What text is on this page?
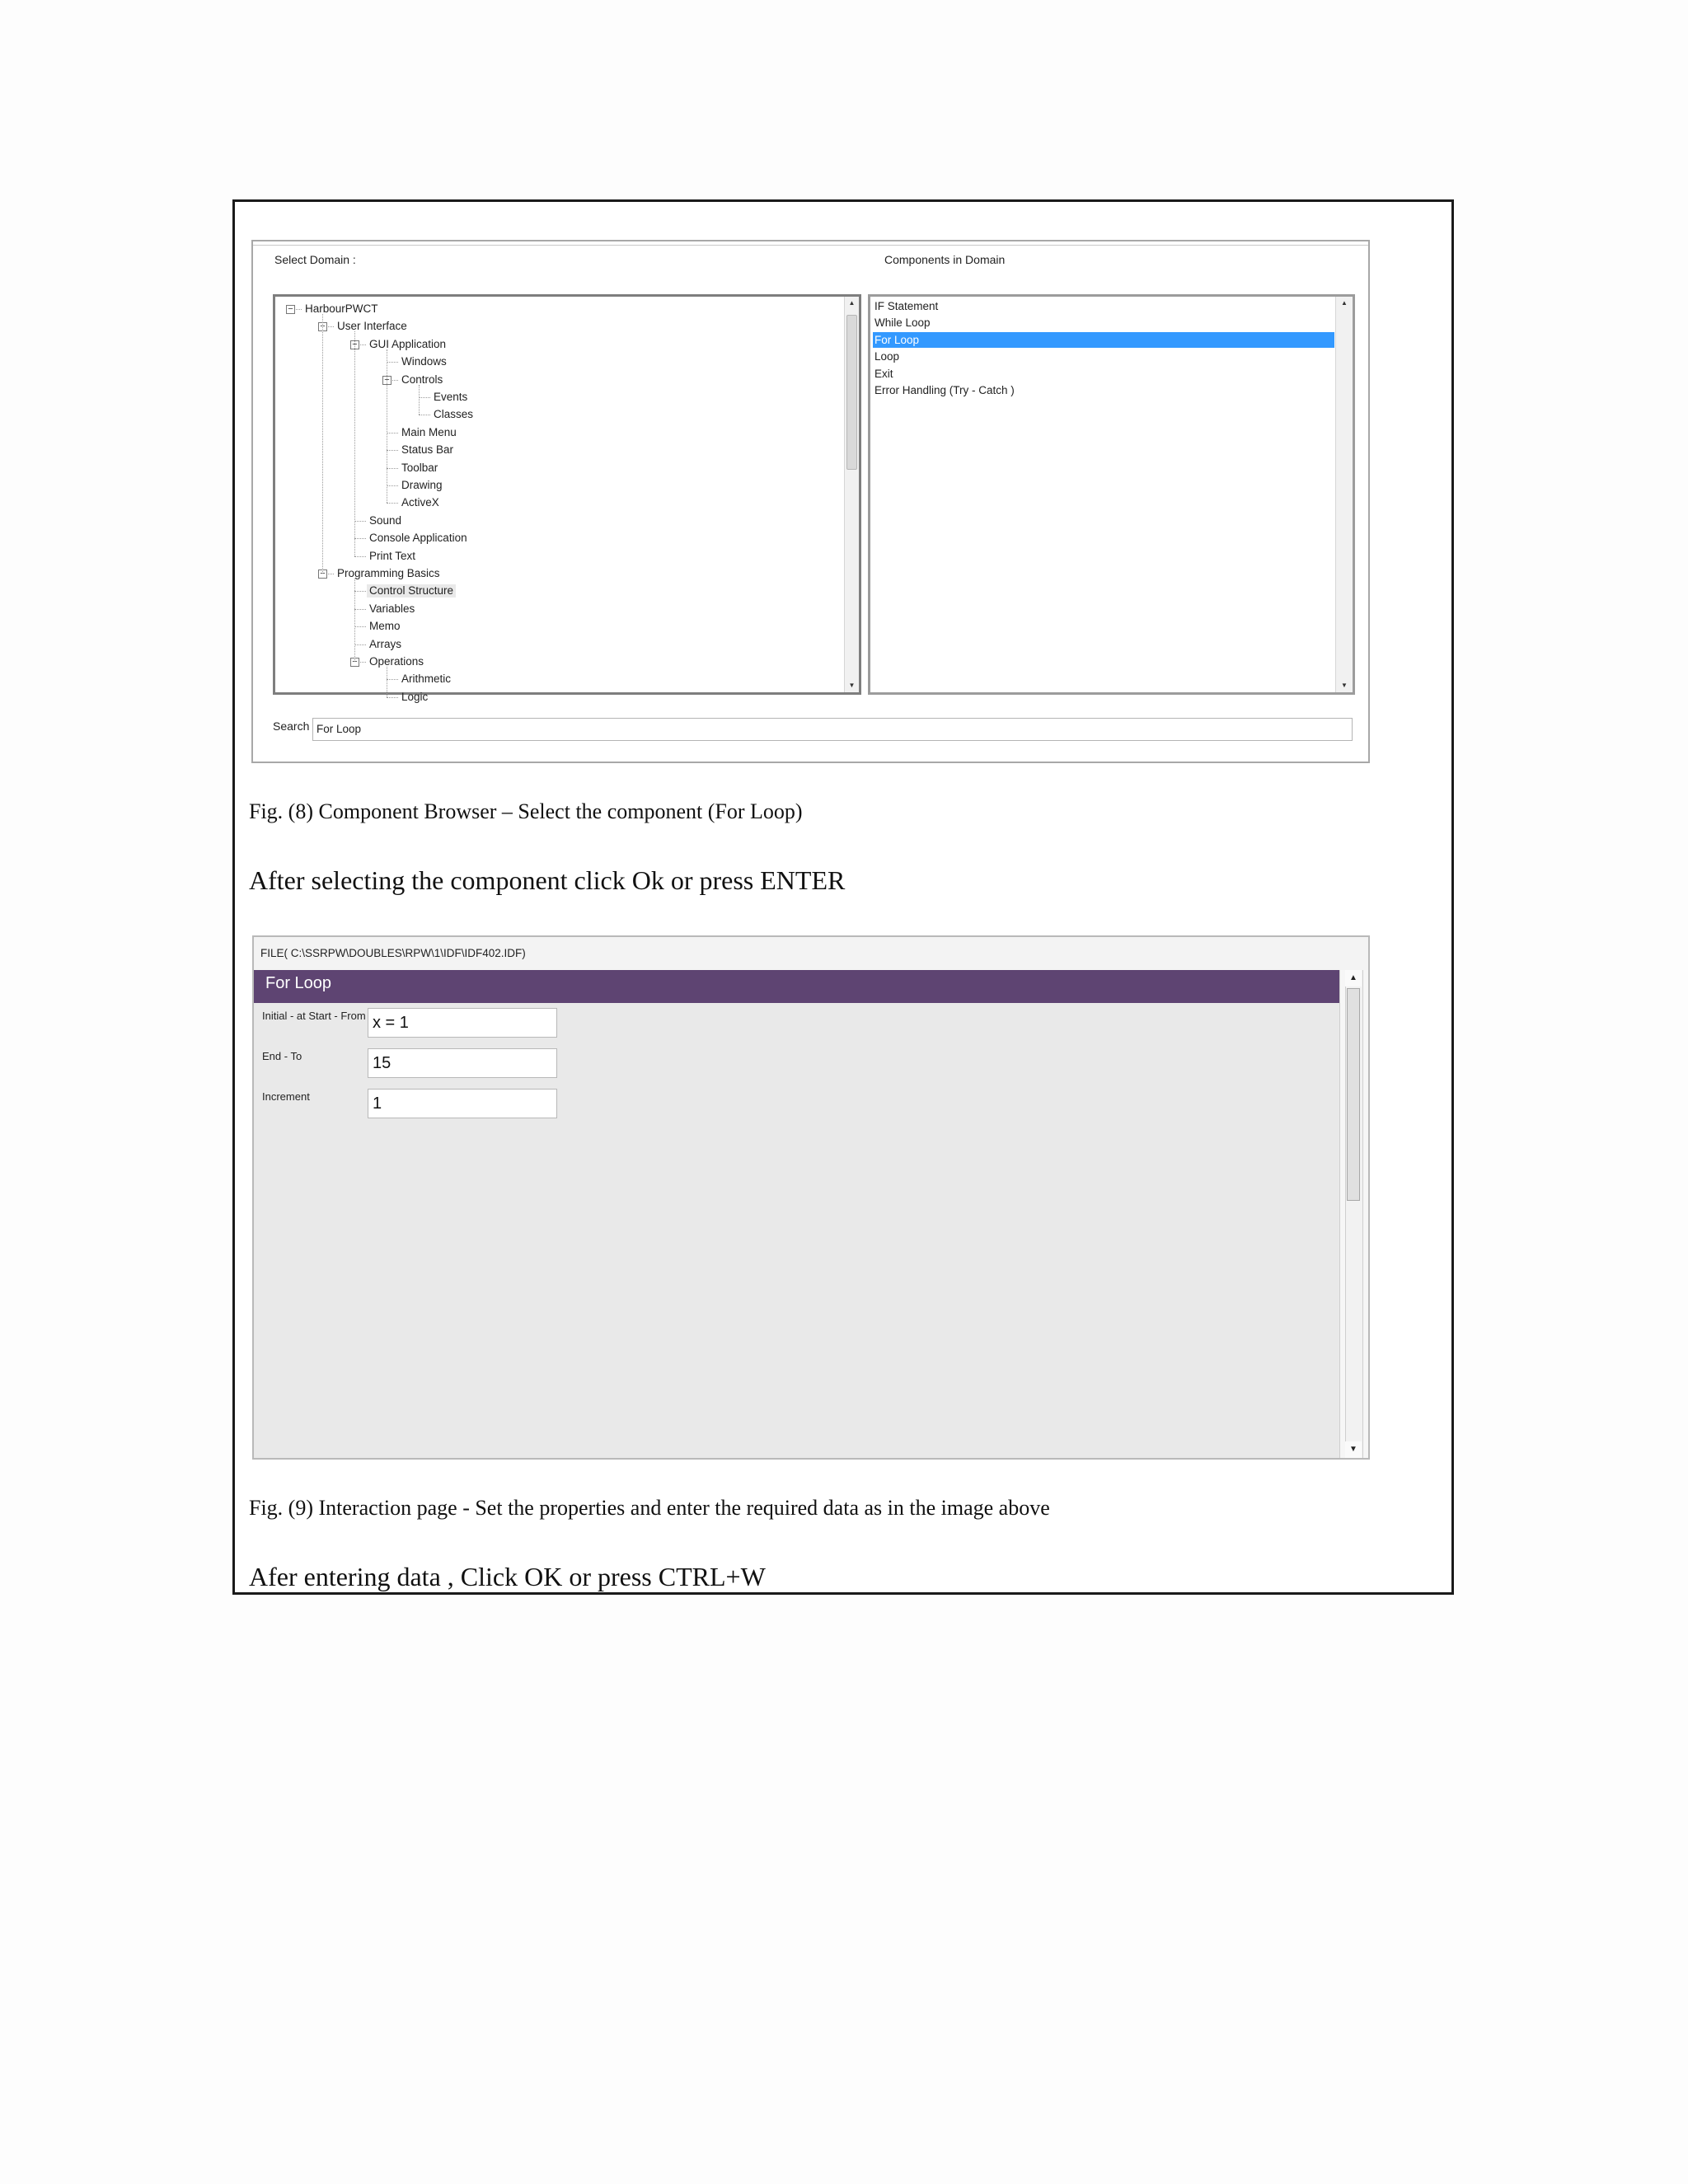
Select Domain :	Components in Domain
− HarbourPWCT
− User Interface
− GUI Application
Windows
− Controls
Events
Classes
Main Menu
Status Bar
Toolbar
Drawing
ActiveX
Sound
Console Application
Print Text
− Programming Basics
Control Structure
Variables
Memo
Arrays
− Operations
Arithmetic
Logic
▲
▼
IF Statement
While Loop
For Loop
Loop
Exit
Error Handling (Try - Catch )
▲
▼
Search For Loop
Fig. (8) Component Browser – Select the component (For Loop)
After selecting the component click Ok or press ENTER
FILE( C:\SSRPW\DOUBLES\RPW\1\IDF\IDF402.IDF)
For Loop
Initial - at Start - From x = 1
End - To	15
Increment	1
▲
▼
Fig. (9) Interaction page - Set the properties and enter the required data as in the image above
Afer entering data , Click OK or press CTRL+W
